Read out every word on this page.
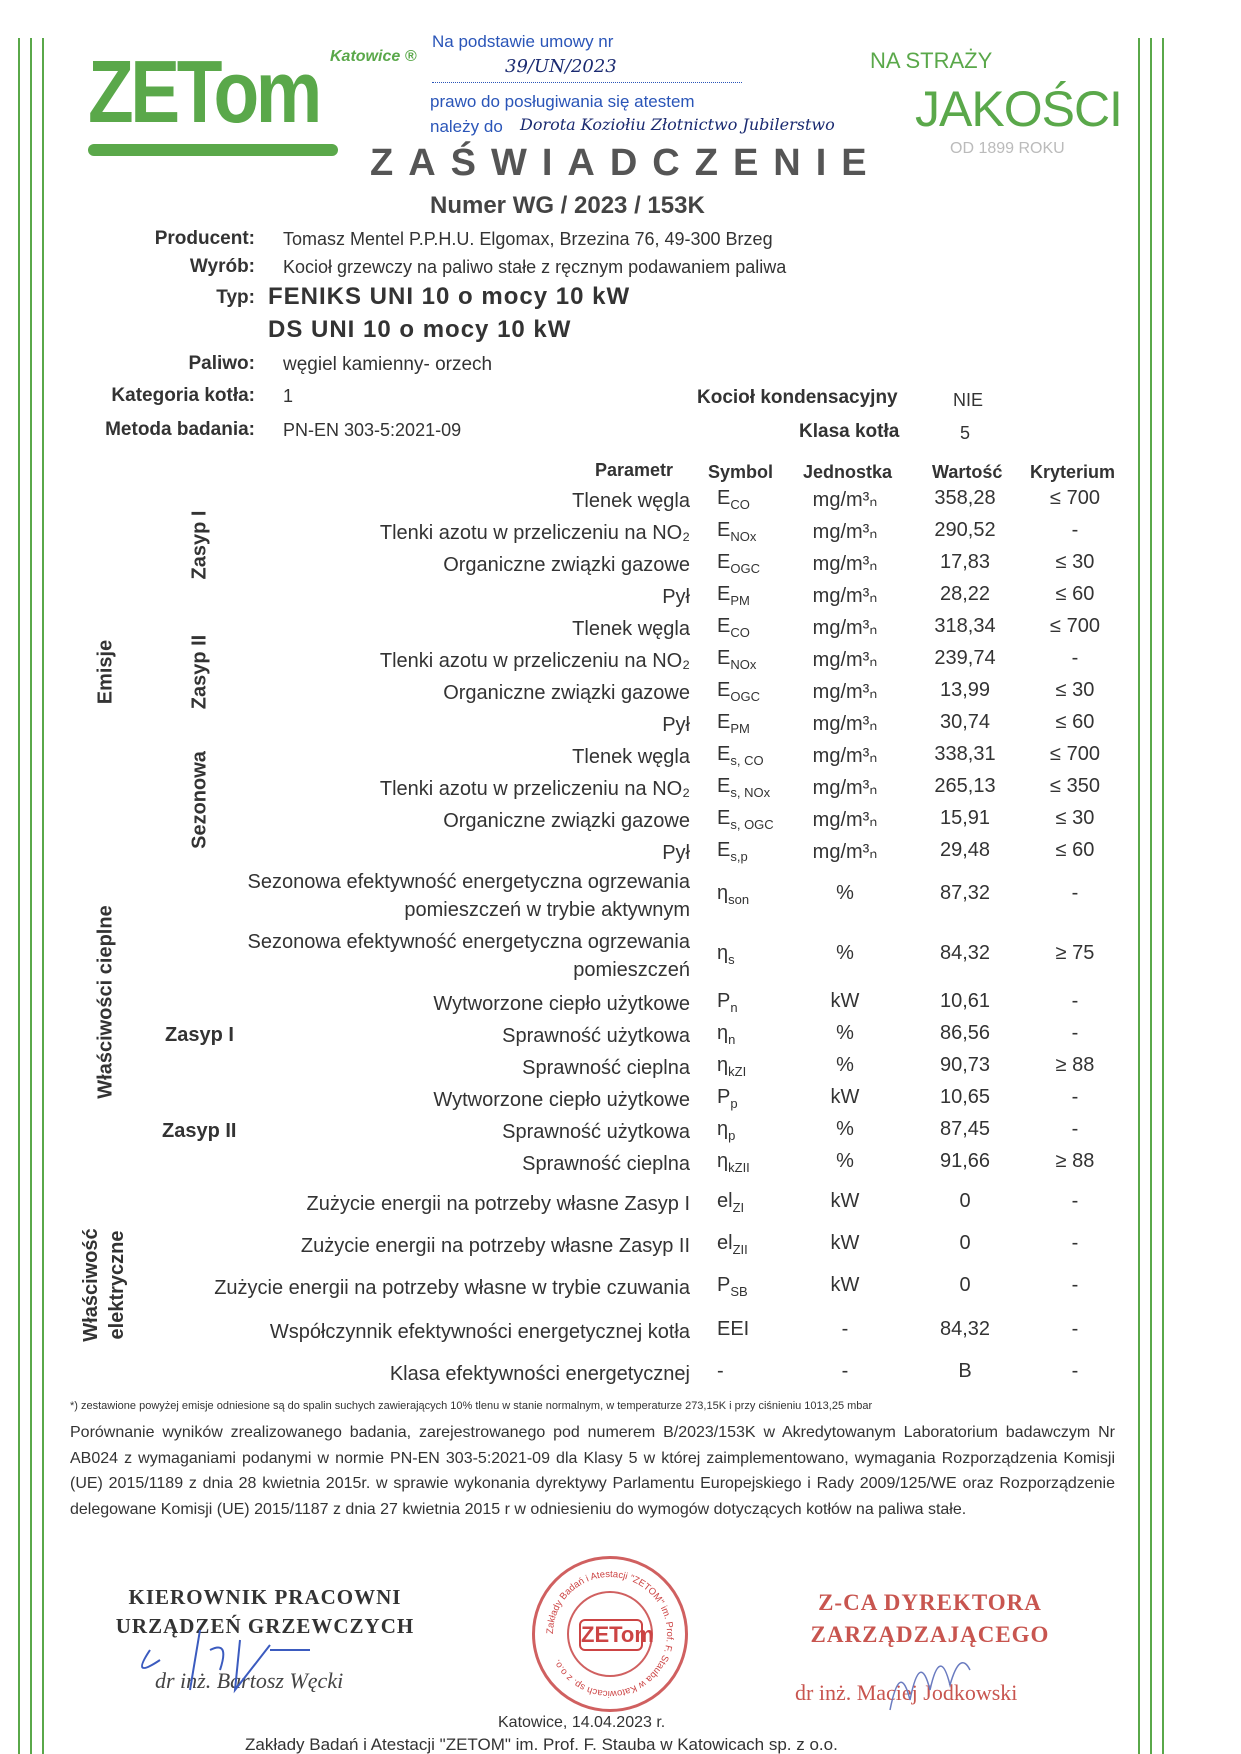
ZETom Katowice ®
Na podstawie umowy nr
39/UN/2023
prawo do posługiwania się atestem
należy do Dorota Koziołiu Złotnictwo Jubilerstwo
NA STRAŻY
JAKOŚCI
OD 1899 ROKU
ZAŚWIADCZENIE
Numer WG / 2023 / 153K
Producent: Tomasz Mentel P.P.H.U. Elgomax, Brzezina 76, 49-300 Brzeg
Wyrób: Kocioł grzewczy na paliwo stałe z ręcznym podawaniem paliwa
Typ: FENIKS UNI 10 o mocy 10 kW
DS UNI 10 o mocy 10 kW
Paliwo: węgiel kamienny- orzech
Kategoria kotła: 1	Kocioł kondensacyjny	NIE
Metoda badania: PN-EN 303-5:2021-09	Klasa kotła	5
Parametr Symbol Jednostka Wartość Kryterium
Emisje
Zasyp I
Zasyp II
Sezonowa
Właściwości cieplne Zasyp I
Zasyp II
Właściwość elektryczne
Tlenek węgla $E_{CO}$	mg/m³ₙ	358,28	≤ 700
Tlenki azotu w przeliczeniu na NO₂ $E_{NOx}$	mg/m³ₙ	290,52	-
Organiczne związki gazowe $E_{OGC}$	mg/m³ₙ	17,83	≤ 30
Pył $E_{PM}$	mg/m³ₙ	28,22	≤ 60
Tlenek węgla $E_{CO}$	mg/m³ₙ	318,34	≤ 700
Tlenki azotu w przeliczeniu na NO₂ $E_{NOx}$	mg/m³ₙ	239,74	-
Organiczne związki gazowe $E_{OGC}$	mg/m³ₙ	13,99	≤ 30
Pył $E_{PM}$	mg/m³ₙ	30,74	≤ 60
Tlenek węgla $E_{s, CO}$	mg/m³ₙ	338,31	≤ 700
Tlenki azotu w przeliczeniu na NO₂ $E_{s, NOx}$	mg/m³ₙ	265,13	≤ 350
Organiczne związki gazowe $E_{s, OGC}$	mg/m³ₙ	15,91	≤ 30
Pył $E_{s,p}$	mg/m³ₙ	29,48	≤ 60
Sezonowa efektywność energetyczna ogrzewania
pomieszczeń w trybie aktywnym
$\eta_{son}$	%	87,32	-
Sezonowa efektywność energetyczna ogrzewania
pomieszczeń
$\eta_s$	%	84,32	≥ 75
Wytworzone ciepło użytkowe $P_n$	kW	10,61	-
Sprawność użytkowa $\eta_n$	%	86,56	-
Sprawność cieplna $\eta_{kZI}$	%	90,73	≥ 88
Wytworzone ciepło użytkowe $P_p$	kW	10,65	-
Sprawność użytkowa $\eta_p$	%	87,45	-
Sprawność cieplna $\eta_{kZII}$	%	91,66	≥ 88
Zużycie energii na potrzeby własne Zasyp I $el_{ZI}$	kW	0	-
Zużycie energii na potrzeby własne Zasyp II $el_{ZII}$	kW	0	-
Zużycie energii na potrzeby własne w trybie czuwania $P_{SB}$	kW	0	-
Współczynnik efektywności energetycznej kotła EEI	-	84,32	-
Klasa efektywności energetycznej -	-	B	-
*) zestawione powyżej emisje odniesione są do spalin suchych zawierających 10% tlenu w stanie normalnym, w temperaturze 273,15K i przy ciśnieniu 1013,25 mbar
Porównanie wyników zrealizowanego badania, zarejestrowanego pod numerem B/2023/153K w Akredytowanym Laboratorium badawczym Nr AB024 z wymaganiami podanymi w normie PN-EN 303-5:2021-09 dla Klasy 5 w której zaimplementowano, wymagania Rozporządzenia Komisji (UE) 2015/1189 z dnia 28 kwietnia 2015r. w sprawie wykonania dyrektywy Parlamentu Europejskiego i Rady 2009/125/WE oraz Rozporządzenie delegowane Komisji (UE) 2015/1187 z dnia 27 kwietnia 2015 r w odniesieniu do wymogów dotyczących kotłów na paliwa stałe.
KIEROWNIK PRACOWNI
URZĄDZEŃ GRZEWCZYCH
dr inż. Bartosz Węcki
Zakłady Badań i Atestacji "ZETOM" im. Prof. F. Stauba w Katowicach sp. z o.o.
ZETom
Katowice, 14.04.2023 r.
Z-CA DYREKTORA
ZARZĄDZAJĄCEGO
dr inż. Maciej Jodkowski
Zakłady Badań i Atestacji "ZETOM" im. Prof. F. Stauba w Katowicach sp. z o.o.
